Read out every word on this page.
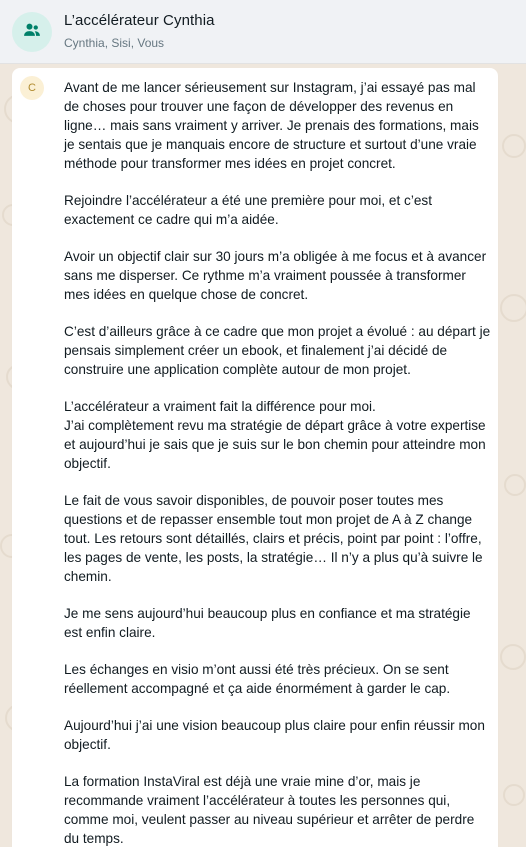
L’accélérateur Cynthia
Cynthia, Sisi, Vous
C	Avant de me lancer sérieusement sur Instagram, j’ai essayé pas mal de choses pour trouver une façon de développer des revenus en ligne… mais sans vraiment y arriver. Je prenais des formations, mais je sentais que je manquais encore de structure et surtout d’une vraie méthode pour transformer mes idées en projet concret.

Rejoindre l’accélérateur a été une première pour moi, et c’est exactement ce cadre qui m’a aidée.

Avoir un objectif clair sur 30 jours m’a obligée à me focus et à avancer sans me disperser. Ce rythme m’a vraiment poussée à transformer mes idées en quelque chose de concret.

C’est d’ailleurs grâce à ce cadre que mon projet a évolué : au départ je pensais simplement créer un ebook, et finalement j’ai décidé de construire une application complète autour de mon projet.

L’accélérateur a vraiment fait la différence pour moi.
J’ai complètement revu ma stratégie de départ grâce à votre expertise et aujourd’hui je sais que je suis sur le bon chemin pour atteindre mon objectif.

Le fait de vous savoir disponibles, de pouvoir poser toutes mes questions et de repasser ensemble tout mon projet de A à Z change tout. Les retours sont détaillés, clairs et précis, point par point : l’offre, les pages de vente, les posts, la stratégie… Il n’y a plus qu’à suivre le chemin.

Je me sens aujourd’hui beaucoup plus en confiance et ma stratégie est enfin claire.

Les échanges en visio m’ont aussi été très précieux. On se sent réellement accompagné et ça aide énormément à garder le cap.

Aujourd’hui j’ai une vision beaucoup plus claire pour enfin réussir mon objectif.

La formation InstaViral est déjà une vraie mine d’or, mais je recommande vraiment l’accélérateur à toutes les personnes qui, comme moi, veulent passer au niveau supérieur et arrêter de perdre du temps.
